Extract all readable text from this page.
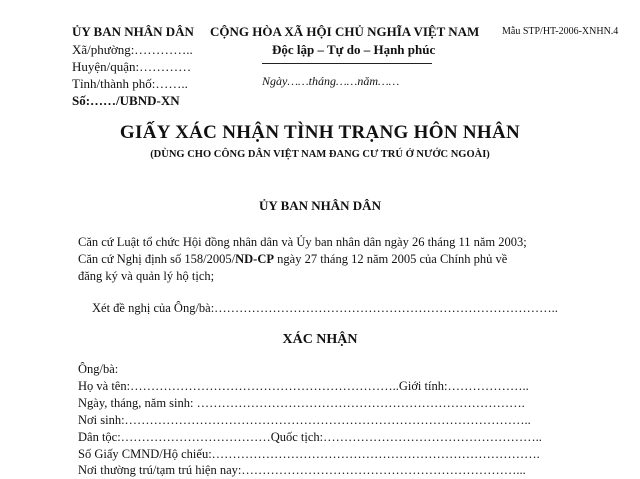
ỦY BAN NHÂN DÂN
Xã/phường:…………..
Huyện/quận:…………
Tỉnh/thành phố:……..
Số:……/UBND-XN
CỘNG HÒA XÃ HỘI CHỦ NGHĨA VIỆT NAM
Độc lập – Tự do – Hạnh phúc
Ngày……tháng……năm……
Mẫu STP/HT-2006-XNHN.4
GIẤY XÁC NHẬN TÌNH TRẠNG HÔN NHÂN
(DÙNG CHO CÔNG DÂN VIỆT NAM ĐANG CƯ TRÚ Ở NƯỚC NGOÀI)
ỦY BAN NHÂN DÂN
Căn cứ Luật tổ chức Hội đồng nhân dân và Ủy ban nhân dân ngày 26 tháng 11 năm 2003;
Căn cứ Nghị định số 158/2005/ND-CP ngày 27 tháng 12 năm 2005 của Chính phủ về
đăng ký và quản lý hộ tịch;
Xét đề nghị của Ông/bà:………………………………………………………………………..
XÁC NHẬN
Ông/bà:
Họ và tên:………………………………………………………..Giới tính:………………..
Ngày, tháng, năm sinh: …………………………………………………………………….
Nơi sinh:……………………………………………………………………………………..
Dân tộc:………………………………Quốc tịch:……………………………………………..
Số Giấy CMND/Hộ chiếu:…………………………………………………………………….
Nơi thường trú/tạm trú hiện nay:…………………………………………………………...
